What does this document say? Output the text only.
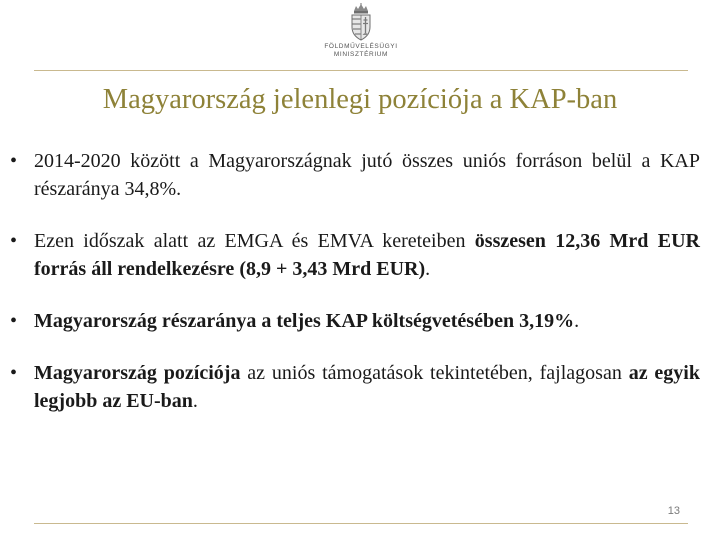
FÖLDMŰVELÉSÜGYI
MINISZTÉRIUM
Magyarország jelenlegi pozíciója a KAP-ban
• 2014-2020 között a Magyarországnak jutó összes uniós forráson belül a KAP részaránya 34,8%.
• Ezen időszak alatt az EMGA és EMVA kereteiben összesen 12,36 Mrd EUR forrás áll rendelkezésre (8,9 + 3,43 Mrd EUR).
• Magyarország részaránya a teljes KAP költségvetésében 3,19%.
• Magyarország pozíciója az uniós támogatások tekintetében, fajlagosan az egyik legjobb az EU-ban.
13
